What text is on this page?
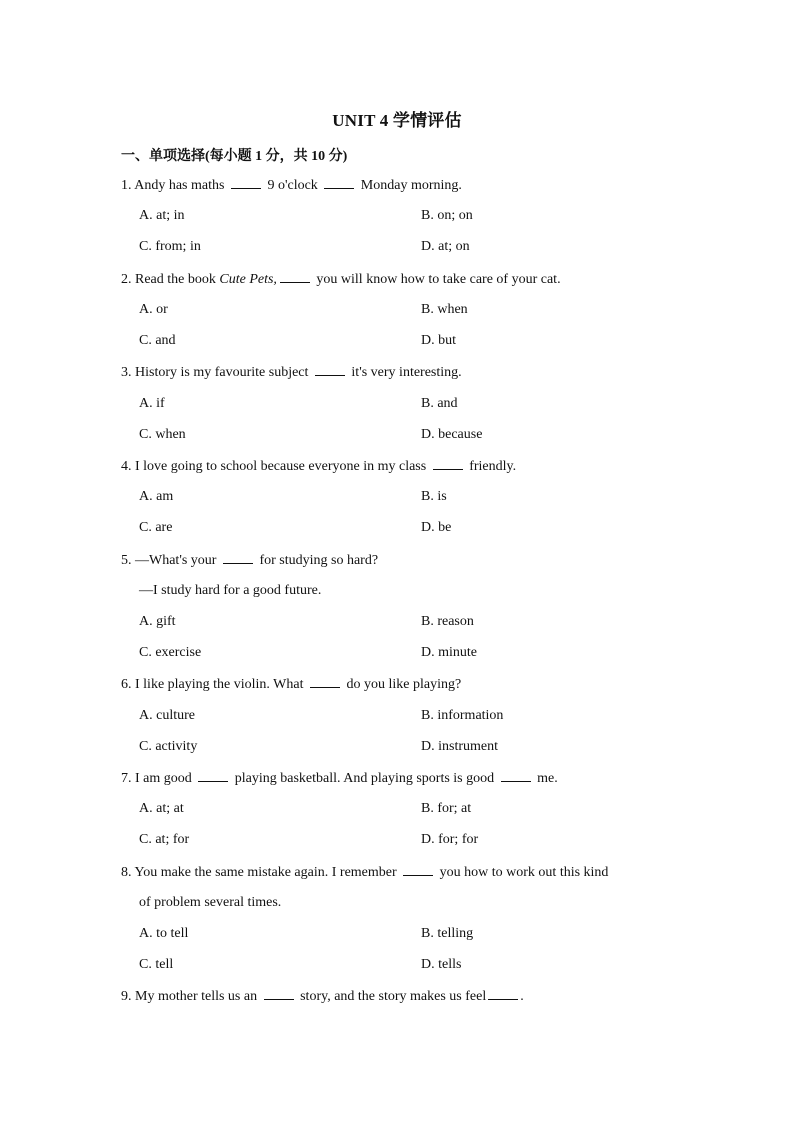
UNIT 4 学情评估
一、单项选择(每小题 1 分，共 10 分)
1. Andy has maths	9 o'clock	Monday morning.
A. at; in	B. on; on
C. from; in	D. at; on
2. Read the book Cute Pets,	you will know how to take care of your cat.
A. or	B. when
C. and	D. but
3. History is my favourite subject	it's very interesting.
A. if	B. and
C. when	D. because
4. I love going to school because everyone in my class	friendly.
A. am	B. is
C. are	D. be
5. —What's your	for studying so hard?
—I study hard for a good future.
A. gift	B. reason
C. exercise	D. minute
6. I like playing the violin. What	do you like playing?
A. culture	B. information
C. activity	D. instrument
7. I am good	playing basketball. And playing sports is good	me.
A. at; at	B. for; at
C. at; for	D. for; for
8. You make the same mistake again. I remember	you how to work out this kind
of problem several times.
A. to tell	B. telling
C. tell	D. tells
9. My mother tells us an	story, and the story makes us feel .
